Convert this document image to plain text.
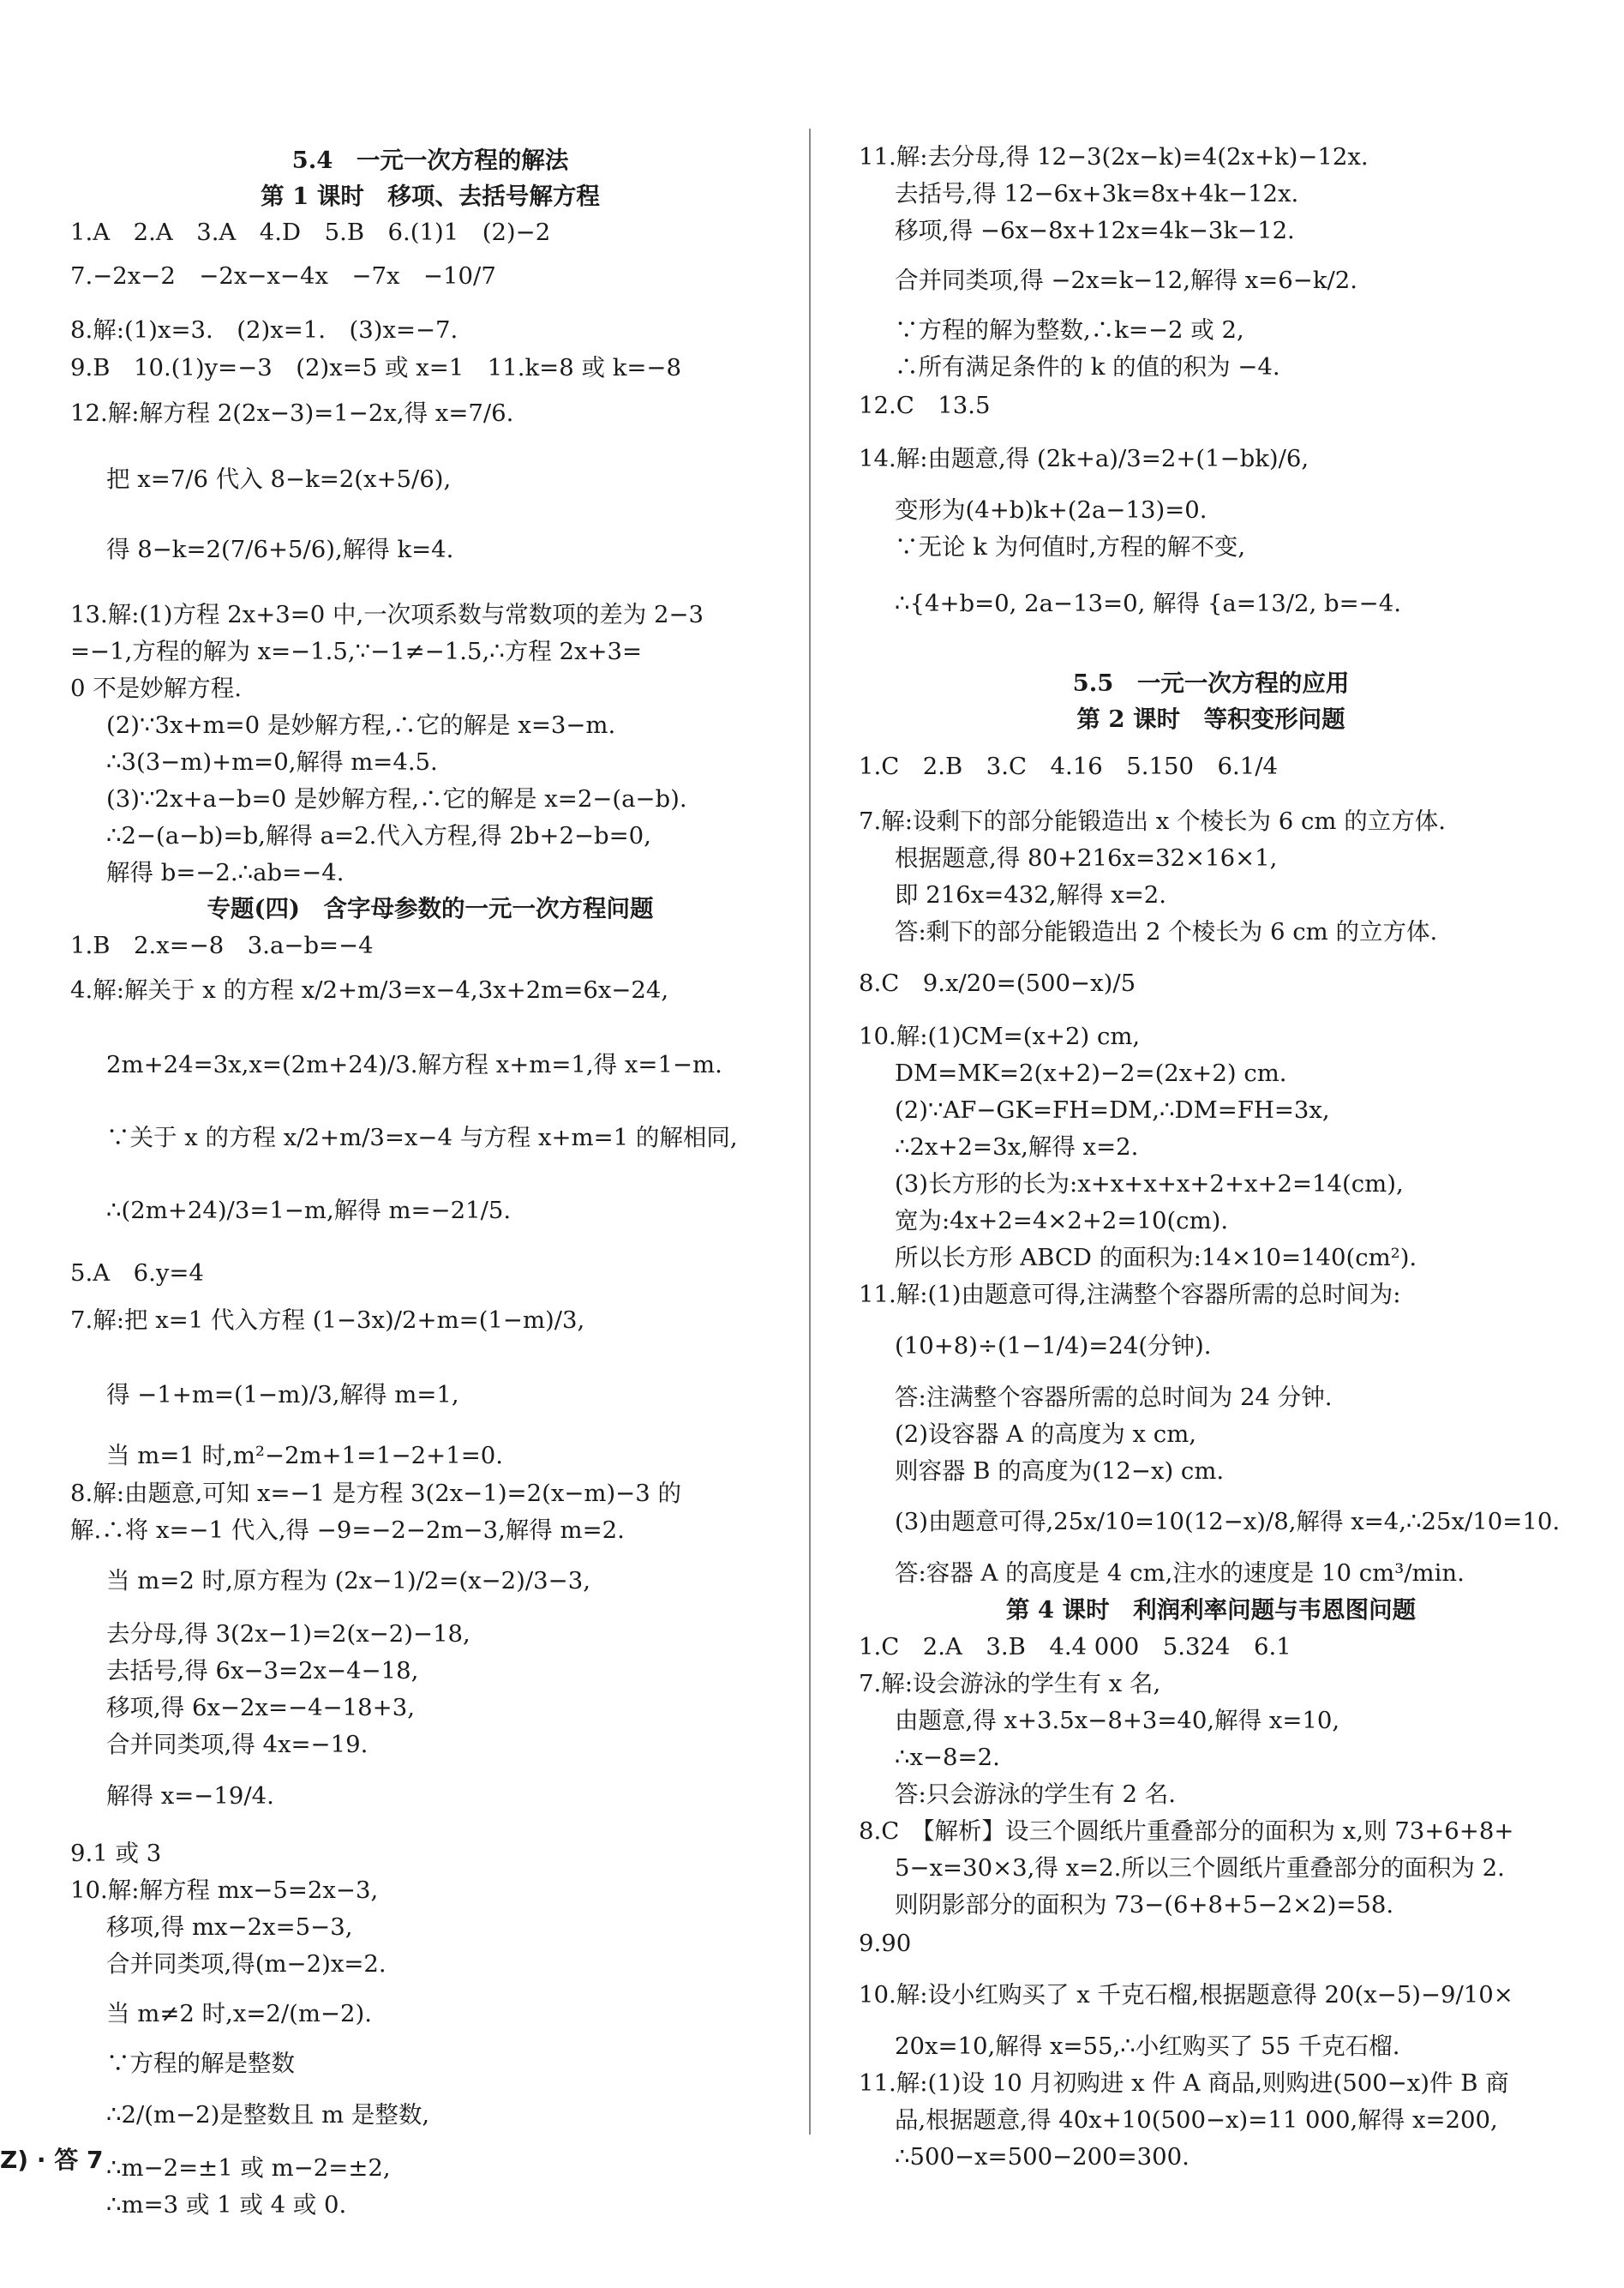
5.4　一元一次方程的解法
第 1 课时　移项、去括号解方程
1.A　2.A　3.A　4.D　5.B　6.(1)1　(2)−2
7.−2x−2　−2x−x−4x　−7x　−10/7
8.解:(1)x=3.　(2)x=1.　(3)x=−7.
9.B　10.(1)y=−3　(2)x=5 或 x=1　11.k=8 或 k=−8
12.解:解方程 2(2x−3)=1−2x,得 x=7/6.
把 x=7/6 代入 8−k=2(x+5/6),
得 8−k=2(7/6+5/6),解得 k=4.
13.解:(1)方程 2x+3=0 中,一次项系数与常数项的差为 2−3
=−1,方程的解为 x=−1.5,∵−1≠−1.5,∴方程 2x+3=
0 不是妙解方程.
(2)∵3x+m=0 是妙解方程,∴它的解是 x=3−m.
∴3(3−m)+m=0,解得 m=4.5.
(3)∵2x+a−b=0 是妙解方程,∴它的解是 x=2−(a−b).
∴2−(a−b)=b,解得 a=2.代入方程,得 2b+2−b=0,
解得 b=−2.∴ab=−4.
专题(四)　含字母参数的一元一次方程问题
1.B　2.x=−8　3.a−b=−4
4.解:解关于 x 的方程 x/2+m/3=x−4,3x+2m=6x−24,
2m+24=3x,x=(2m+24)/3.解方程 x+m=1,得 x=1−m.
∵关于 x 的方程 x/2+m/3=x−4 与方程 x+m=1 的解相同,
∴(2m+24)/3=1−m,解得 m=−21/5.
5.A　6.y=4
7.解:把 x=1 代入方程 (1−3x)/2+m=(1−m)/3,
得 −1+m=(1−m)/3,解得 m=1,
当 m=1 时,m²−2m+1=1−2+1=0.
8.解:由题意,可知 x=−1 是方程 3(2x−1)=2(x−m)−3 的
解.∴将 x=−1 代入,得 −9=−2−2m−3,解得 m=2.
当 m=2 时,原方程为 (2x−1)/2=(x−2)/3−3,
去分母,得 3(2x−1)=2(x−2)−18,
去括号,得 6x−3=2x−4−18,
移项,得 6x−2x=−4−18+3,
合并同类项,得 4x=−19.
解得 x=−19/4.
9.1 或 3
10.解:解方程 mx−5=2x−3,
移项,得 mx−2x=5−3,
合并同类项,得(m−2)x=2.
当 m≠2 时,x=2/(m−2).
∵方程的解是整数
∴2/(m−2)是整数且 m 是整数,
∴m−2=±1 或 m−2=±2,
∴m=3 或 1 或 4 或 0.
Z) · 答 7
11.解:去分母,得 12−3(2x−k)=4(2x+k)−12x.
去括号,得 12−6x+3k=8x+4k−12x.
移项,得 −6x−8x+12x=4k−3k−12.
合并同类项,得 −2x=k−12,解得 x=6−k/2.
∵方程的解为整数,∴k=−2 或 2,
∴所有满足条件的 k 的值的积为 −4.
12.C　13.5
14.解:由题意,得 (2k+a)/3=2+(1−bk)/6,
变形为(4+b)k+(2a−13)=0.
∵无论 k 为何值时,方程的解不变,
∴{4+b=0, 2a−13=0, 解得 {a=13/2, b=−4.
5.5　一元一次方程的应用
第 2 课时　等积变形问题
1.C　2.B　3.C　4.16　5.150　6.1/4
7.解:设剩下的部分能锻造出 x 个棱长为 6 cm 的立方体.
根据题意,得 80+216x=32×16×1,
即 216x=432,解得 x=2.
答:剩下的部分能锻造出 2 个棱长为 6 cm 的立方体.
8.C　9.x/20=(500−x)/5
10.解:(1)CM=(x+2) cm,
DM=MK=2(x+2)−2=(2x+2) cm.
(2)∵AF−GK=FH=DM,∴DM=FH=3x,
∴2x+2=3x,解得 x=2.
(3)长方形的长为:x+x+x+x+2+x+2=14(cm),
宽为:4x+2=4×2+2=10(cm).
所以长方形 ABCD 的面积为:14×10=140(cm²).
11.解:(1)由题意可得,注满整个容器所需的总时间为:
(10+8)÷(1−1/4)=24(分钟).
答:注满整个容器所需的总时间为 24 分钟.
(2)设容器 A 的高度为 x cm,
则容器 B 的高度为(12−x) cm.
(3)由题意可得,25x/10=10(12−x)/8,解得 x=4,∴25x/10=10.
答:容器 A 的高度是 4 cm,注水的速度是 10 cm³/min.
第 4 课时　利润利率问题与韦恩图问题
1.C　2.A　3.B　4.4 000　5.324　6.1
7.解:设会游泳的学生有 x 名,
由题意,得 x+3.5x−8+3=40,解得 x=10,
∴x−8=2.
答:只会游泳的学生有 2 名.
8.C　【解析】设三个圆纸片重叠部分的面积为 x,则 73+6+8+
5−x=30×3,得 x=2.所以三个圆纸片重叠部分的面积为 2.
则阴影部分的面积为 73−(6+8+5−2×2)=58.
9.90
10.解:设小红购买了 x 千克石榴,根据题意得 20(x−5)−9/10×
20x=10,解得 x=55,∴小红购买了 55 千克石榴.
11.解:(1)设 10 月初购进 x 件 A 商品,则购进(500−x)件 B 商
品,根据题意,得 40x+10(500−x)=11 000,解得 x=200,
∴500−x=500−200=300.
